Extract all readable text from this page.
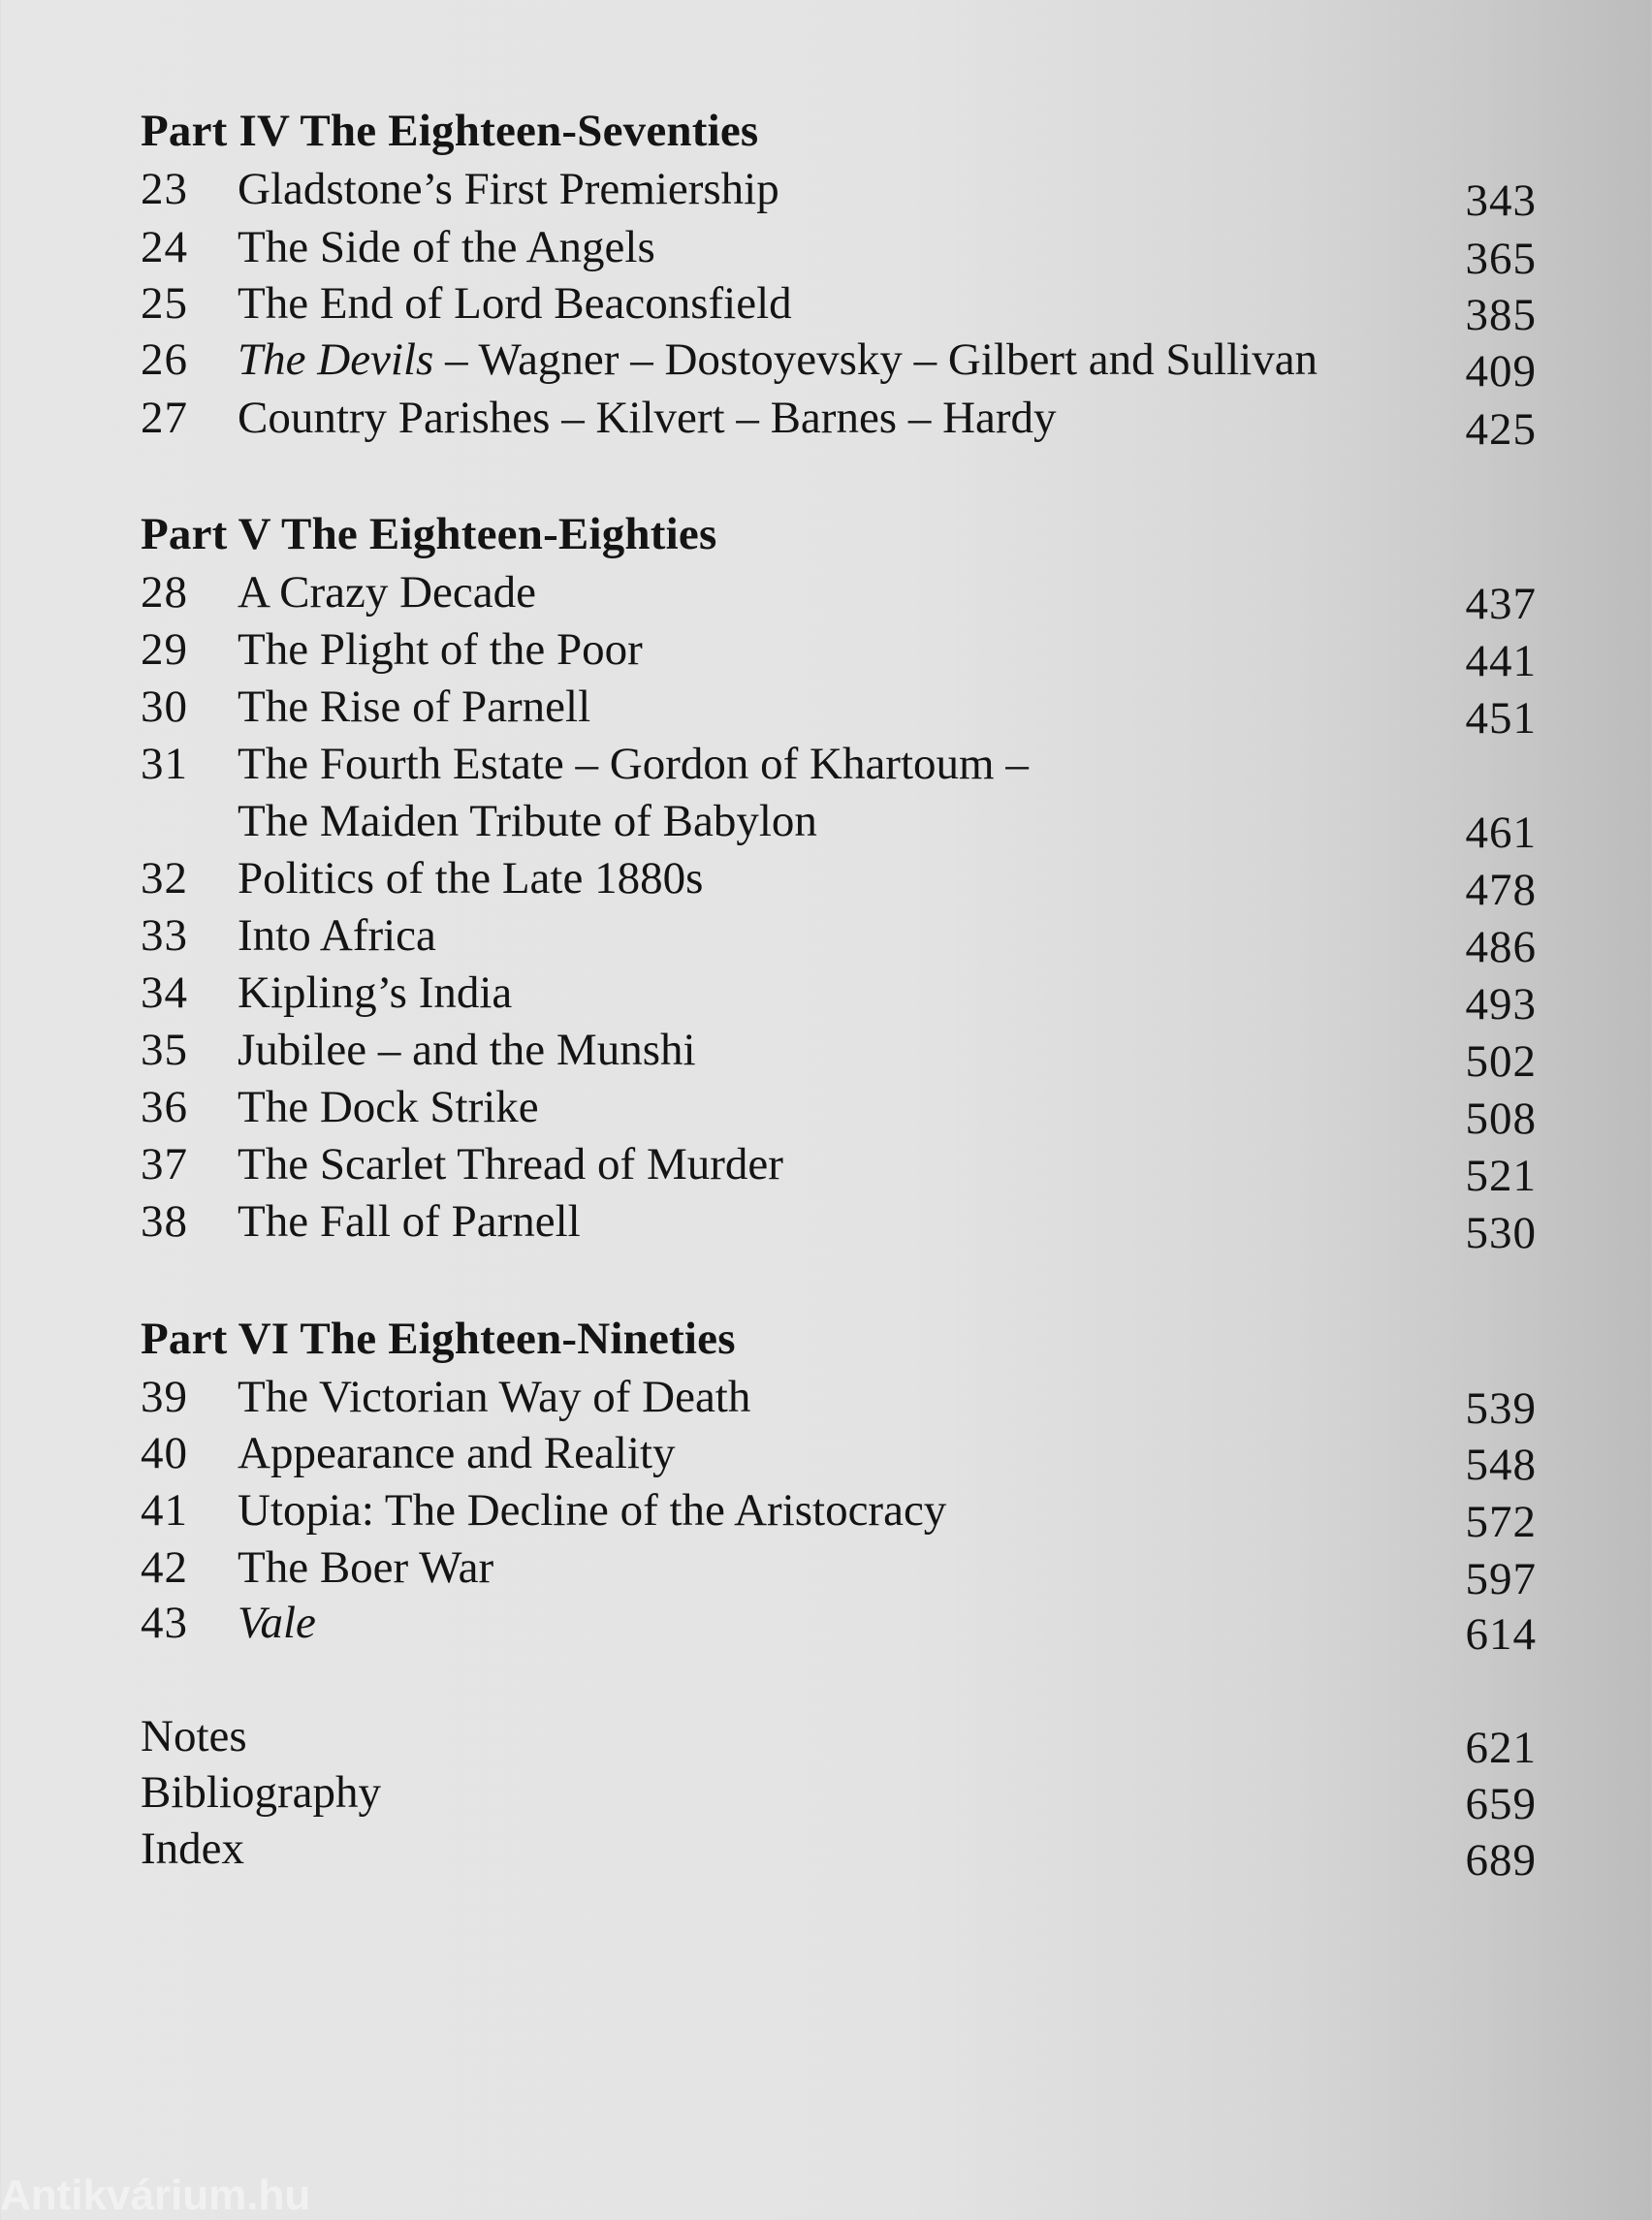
Part IV The Eighteen-Seventies
23 Gladstone’s First Premiership	343
24 The Side of the Angels	365
25 The End of Lord Beaconsfield	385
26 The Devils – Wagner – Dostoyevsky – Gilbert and Sullivan	409
27 Country Parishes – Kilvert – Barnes – Hardy	425
Part V The Eighteen-Eighties
28 A Crazy Decade	437
29 The Plight of the Poor	441
30 The Rise of Parnell	451
31 The Fourth Estate – Gordon of Khartoum –
The Maiden Tribute of Babylon	461
32 Politics of the Late 1880s	478
33 Into Africa	486
34 Kipling’s India	493
35 Jubilee – and the Munshi	502
36 The Dock Strike	508
37 The Scarlet Thread of Murder	521
38 The Fall of Parnell	530
Part VI The Eighteen-Nineties
39 The Victorian Way of Death	539
40 Appearance and Reality	548
41 Utopia: The Decline of the Aristocracy	572
42 The Boer War	597
43 Vale	614
Notes	621
Bibliography	659
Index	689
Antikvárium.hu
